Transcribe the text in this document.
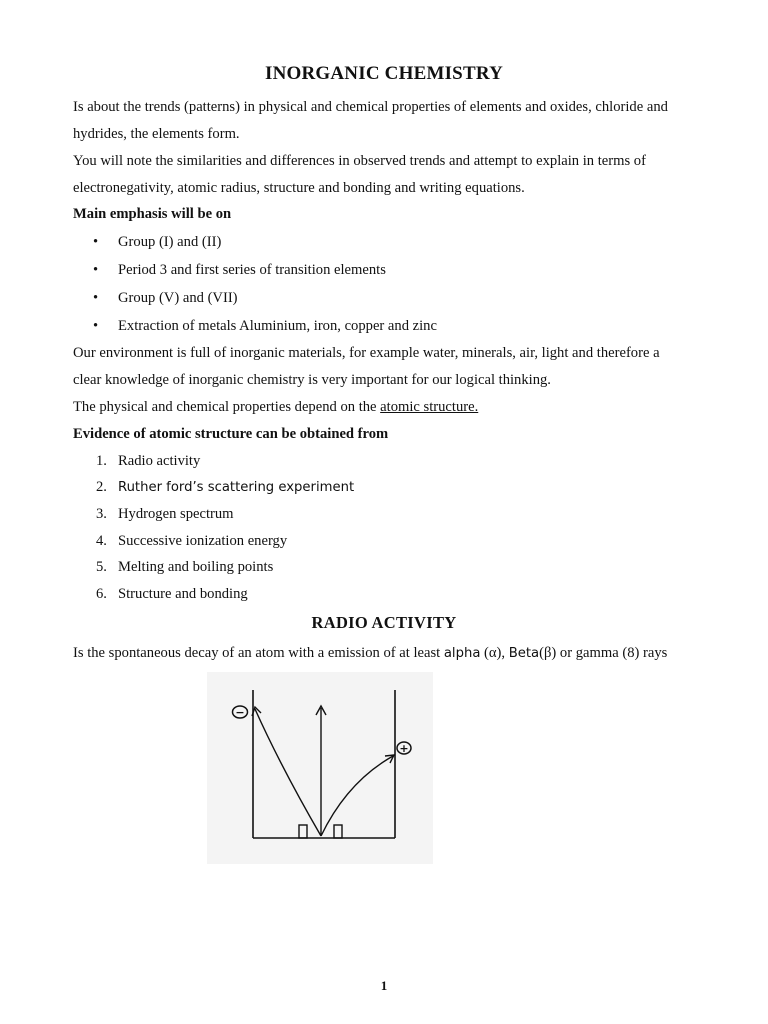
INORGANIC CHEMISTRY
Is about the trends (patterns) in physical and chemical properties of elements and oxides, chloride and
hydrides, the elements form.
You will note the similarities and differences in observed trends and attempt to explain in terms of
electronegativity, atomic radius, structure and bonding and writing equations.
Main emphasis will be on
• Group (I) and (II)
• Period 3 and first series of transition elements
• Group (V) and (VII)
• Extraction of metals Aluminium, iron, copper and zinc
Our environment is full of inorganic materials, for example water, minerals, air, light and therefore a
clear knowledge of inorganic chemistry is very important for our logical thinking.
The physical and chemical properties depend on the atomic structure.
Evidence of atomic structure can be obtained from
1. Radio activity
2. Ruther ford’s scattering experiment
3. Hydrogen spectrum
4. Successive ionization energy
5. Melting and boiling points
6. Structure and bonding
RADIO ACTIVITY
Is the spontaneous decay of an atom with a emission of at least alpha (α), Beta(β) or gamma (8) rays
−
+
1
